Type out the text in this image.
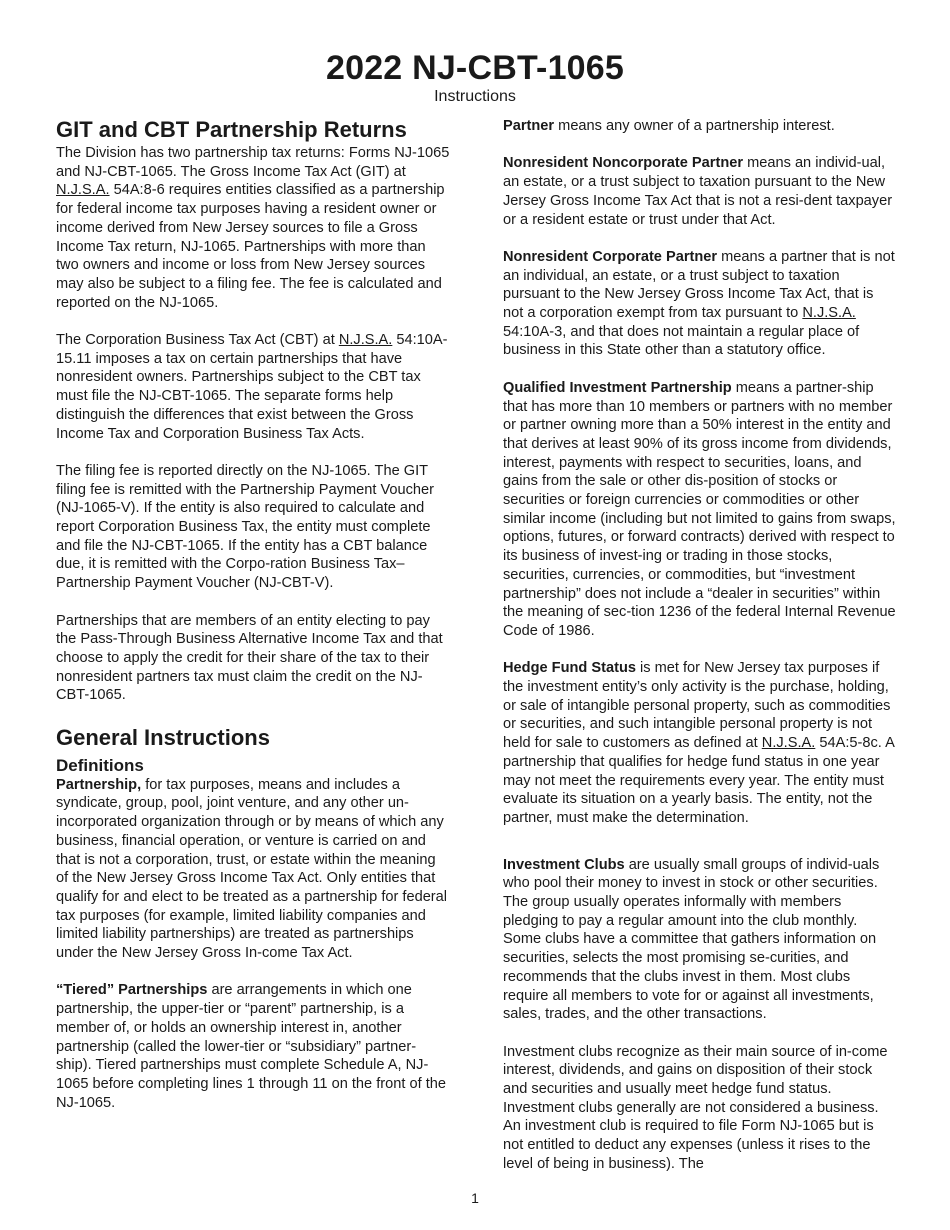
2022 NJ-CBT-1065
Instructions
GIT and CBT Partnership Returns

The Division has two partnership tax returns: Forms NJ-1065 and NJ-CBT-1065. The Gross Income Tax Act (GIT) at N.J.S.A. 54A:8-6 requires entities classified as a partnership for federal income tax purposes having a resident owner or income derived from New Jersey sources to file a Gross Income Tax return, NJ-1065. Partnerships with more than two owners and income or loss from New Jersey sources may also be subject to a filing fee. The fee is calculated and reported on the NJ-1065.

The Corporation Business Tax Act (CBT) at N.J.S.A. 54:10A-15.11 imposes a tax on certain partnerships that have nonresident owners. Partnerships subject to the CBT tax must file the NJ-CBT-1065. The separate forms help distinguish the differences that exist between the Gross Income Tax and Corporation Business Tax Acts.

The filing fee is reported directly on the NJ-1065. The GIT filing fee is remitted with the Partnership Payment Voucher (NJ-1065-V). If the entity is also required to calculate and report Corporation Business Tax, the entity must complete and file the NJ-CBT-1065. If the entity has a CBT balance due, it is remitted with the Corpo-ration Business Tax–Partnership Payment Voucher (NJ-CBT-V).

Partnerships that are members of an entity electing to pay the Pass-Through Business Alternative Income Tax and that choose to apply the credit for their share of the tax to their nonresident partners tax must claim the credit on the NJ-CBT-1065.

General Instructions
Definitions

Partnership, for tax purposes, means and includes a syndicate, group, pool, joint venture, and any other un-incorporated organization through or by means of which any business, financial operation, or venture is carried on and that is not a corporation, trust, or estate within the meaning of the New Jersey Gross Income Tax Act. Only entities that qualify for and elect to be treated as a partnership for federal tax purposes (for example, limited liability companies and limited liability partnerships) are treated as partnerships under the New Jersey Gross In-come Tax Act.

“Tiered” Partnerships are arrangements in which one partnership, the upper-tier or “parent” partnership, is a member of, or holds an ownership interest in, another partnership (called the lower-tier or “subsidiary” partner-ship). Tiered partnerships must complete Schedule A, NJ-1065 before completing lines 1 through 11 on the front of the NJ-1065.

Partner means any owner of a partnership interest.

Nonresident Noncorporate Partner means an individ-ual, an estate, or a trust subject to taxation pursuant to the New Jersey Gross Income Tax Act that is not a resi-dent taxpayer or a resident estate or trust under that Act.

Nonresident Corporate Partner means a partner that is not an individual, an estate, or a trust subject to taxation pursuant to the New Jersey Gross Income Tax Act, that is not a corporation exempt from tax pursuant to N.J.S.A. 54:10A-3, and that does not maintain a regular place of business in this State other than a statutory office.

Qualified Investment Partnership means a partner-ship that has more than 10 members or partners with no member or partner owning more than a 50% interest in the entity and that derives at least 90% of its gross income from dividends, interest, payments with respect to securities, loans, and gains from the sale or other dis-position of stocks or securities or foreign currencies or commodities or other similar income (including but not limited to gains from swaps, options, futures, or forward contracts) derived with respect to its business of invest-ing or trading in those stocks, securities, currencies, or commodities, but “investment partnership” does not include a “dealer in securities” within the meaning of sec-tion 1236 of the federal Internal Revenue Code of 1986.

Hedge Fund Status is met for New Jersey tax purposes if the investment entity’s only activity is the purchase, holding, or sale of intangible personal property, such as commodities or securities, and such intangible personal property is not held for sale to customers as defined at N.J.S.A. 54A:5-8c. A partnership that qualifies for hedge fund status in one year may not meet the requirements every year. The entity must evaluate its situation on a yearly basis. The entity, not the partner, must make the determination.

Investment Clubs are usually small groups of individ-uals who pool their money to invest in stock or other securities. The group usually operates informally with members pledging to pay a regular amount into the club monthly. Some clubs have a committee that gathers information on securities, selects the most promising se-curities, and recommends that the clubs invest in them. Most clubs require all members to vote for or against all investments, sales, trades, and the other transactions.

Investment clubs recognize as their main source of in-come interest, dividends, and gains on disposition of their stock and securities and usually meet hedge fund status. Investment clubs generally are not considered a business. An investment club is required to file Form NJ-1065 but is not entitled to deduct any expenses (unless it rises to the level of being in business). The

1
